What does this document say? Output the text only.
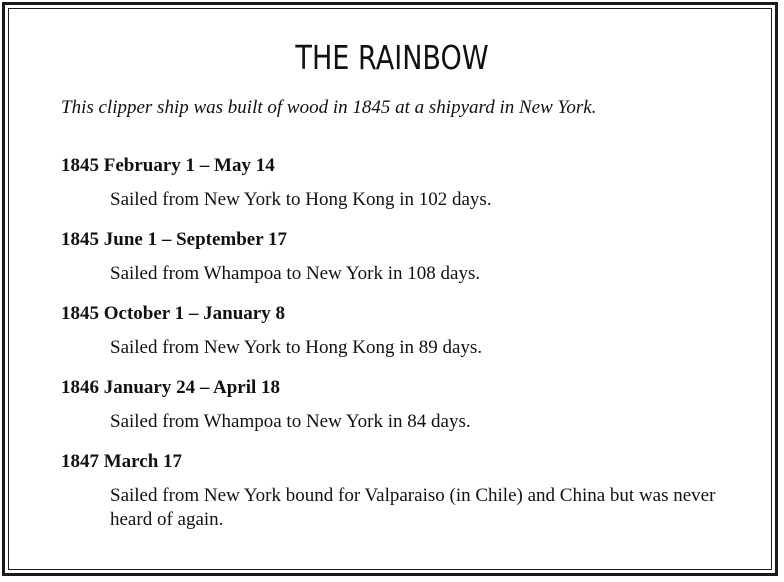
THE RAINBOW
This clipper ship was built of wood in 1845 at a shipyard in New York.
1845 February 1 – May 14
Sailed from New York to Hong Kong in 102 days.
1845 June 1 – September 17
Sailed from Whampoa to New York in 108 days.
1845 October 1 – January 8
Sailed from New York to Hong Kong in 89 days.
1846 January 24 – April 18
Sailed from Whampoa to New York in 84 days.
1847 March 17
Sailed from New York bound for Valparaiso (in Chile) and China but was never heard of again.
